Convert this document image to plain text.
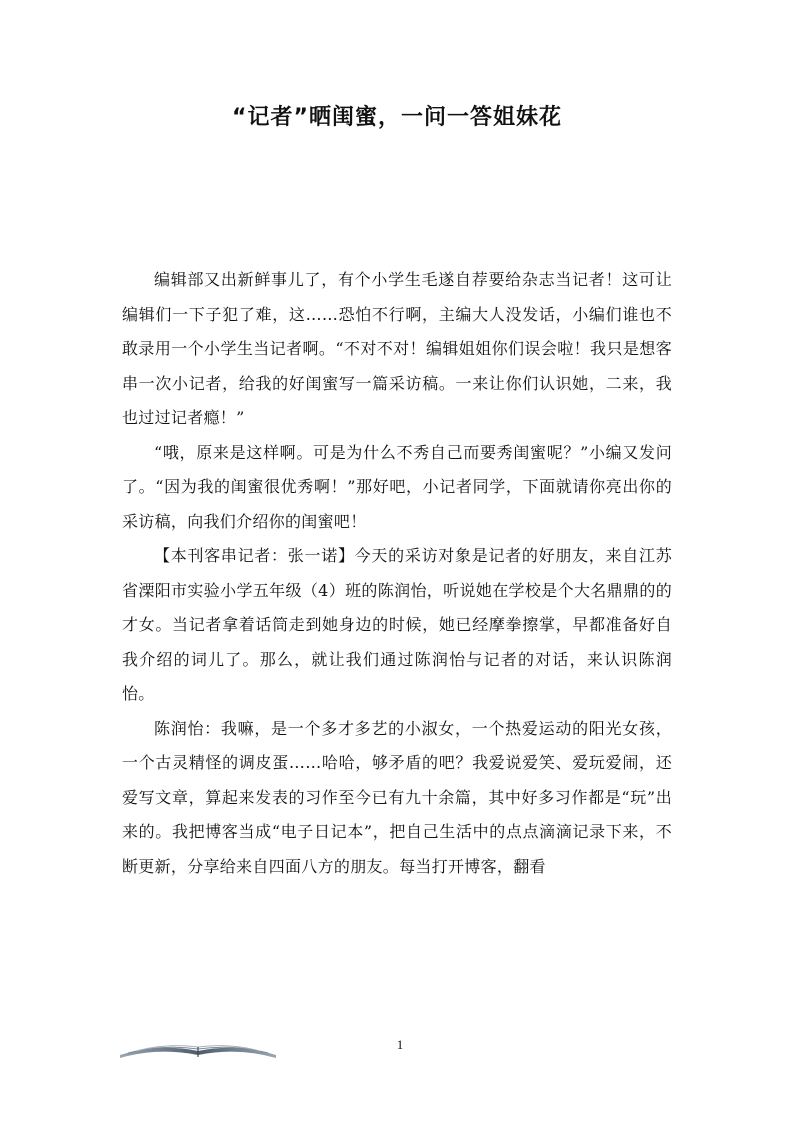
“记者”晒闺蜜，一问一答姐妹花

编辑部又出新鲜事儿了，有个小学生毛遂自荐要给杂志当记者！这可让编辑们一下子犯了难，这……恐怕不行啊，主编大人没发话，小编们谁也不敢录用一个小学生当记者啊。“不对不对！编辑姐姐你们误会啦！我只是想客串一次小记者，给我的好闺蜜写一篇采访稿。一来让你们认识她，二来，我也过过记者瘾！”

“哦，原来是这样啊。可是为什么不秀自己而要秀闺蜜呢？”小编又发问了。“因为我的闺蜜很优秀啊！”那好吧，小记者同学，下面就请你亮出你的采访稿，向我们介绍你的闺蜜吧！

【本刊客串记者：张一诺】今天的采访对象是记者的好朋友，来自江苏省溧阳市实验小学五年级（4）班的陈润怡，听说她在学校是个大名鼎鼎的的才女。当记者拿着话筒走到她身边的时候，她已经摩拳擦掌，早都准备好自我介绍的词儿了。那么，就让我们通过陈润怡与记者的对话，来认识陈润怡。

陈润怡：我嘛，是一个多才多艺的小淑女，一个热爱运动的阳光女孩，一个古灵精怪的调皮蛋……哈哈，够矛盾的吧？我爱说爱笑、爱玩爱闹，还爱写文章，算起来发表的习作至今已有九十余篇，其中好多习作都是“玩”出来的。我把博客当成“电子日记本”，把自己生活中的点点滴滴记录下来，不断更新，分享给来自四面八方的朋友。每当打开博客，翻看

1
